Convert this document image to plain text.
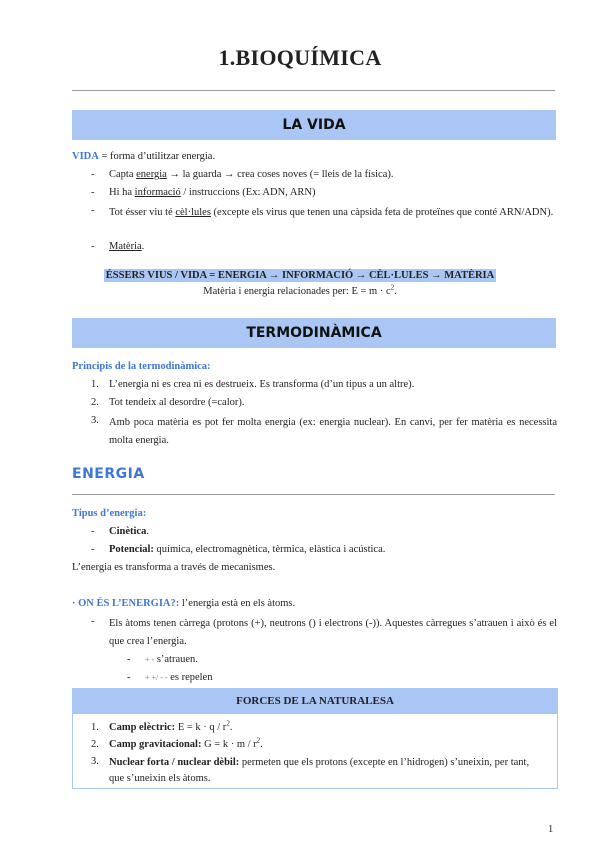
1.BIOQUÍMICA
LA VIDA
VIDA = forma d’utilitzar energia.
- Capta energia → la guarda → crea coses noves (= lleis de la física).
- Hi ha informació / instruccions (Ex: ADN, ARN)
- Tot ésser viu té cèl·lules (excepte els virus que tenen una càpsida feta de proteïnes que conté ARN/ADN).
- Matèria.
ÉSSERS VIUS / VIDA = ENERGIA → INFORMACIÓ → CÈL·LULES → MATÈRIA
Matèria i energia relacionades per: $E = m \cdot c^2$.
TERMODINÀMICA
Principis de la termodinàmica:
1. L’energia ni es crea ni es destrueix. Es transforma (d’un tipus a un altre).
2. Tot tendeix al desordre (=calor).
3. Amb poca matèria es pot fer molta energia (ex: energia nuclear). En canvi, per fer matèria es necessita molta energia.
ENERGIA
Tipus d’energia:
- Cinètica.
- Potencial: química, electromagnètica, tèrmica, elàstica i acústica.
L’energia es transforma a través de mecanismes.
· ON ÉS L’ENERGIA?: l’energia està en els àtoms.
- Els àtoms tenen càrrega (protons (+), neutrons () i electrons (-)). Aquestes càrregues s’atrauen i això és el que crea l’energia.
- + - s’atrauen.
- + +/ - - es repelen
FORCES DE LA NATURALESA
1. Camp elèctric: $E = k \cdot q / r^2$.
2. Camp gravitacional: $G = k \cdot m / r^2$.
3. Nuclear forta / nuclear dèbil: permeten que els protons (excepte en l’hidrogen) s’uneixin, per tant, que s’uneixin els àtoms.
1
